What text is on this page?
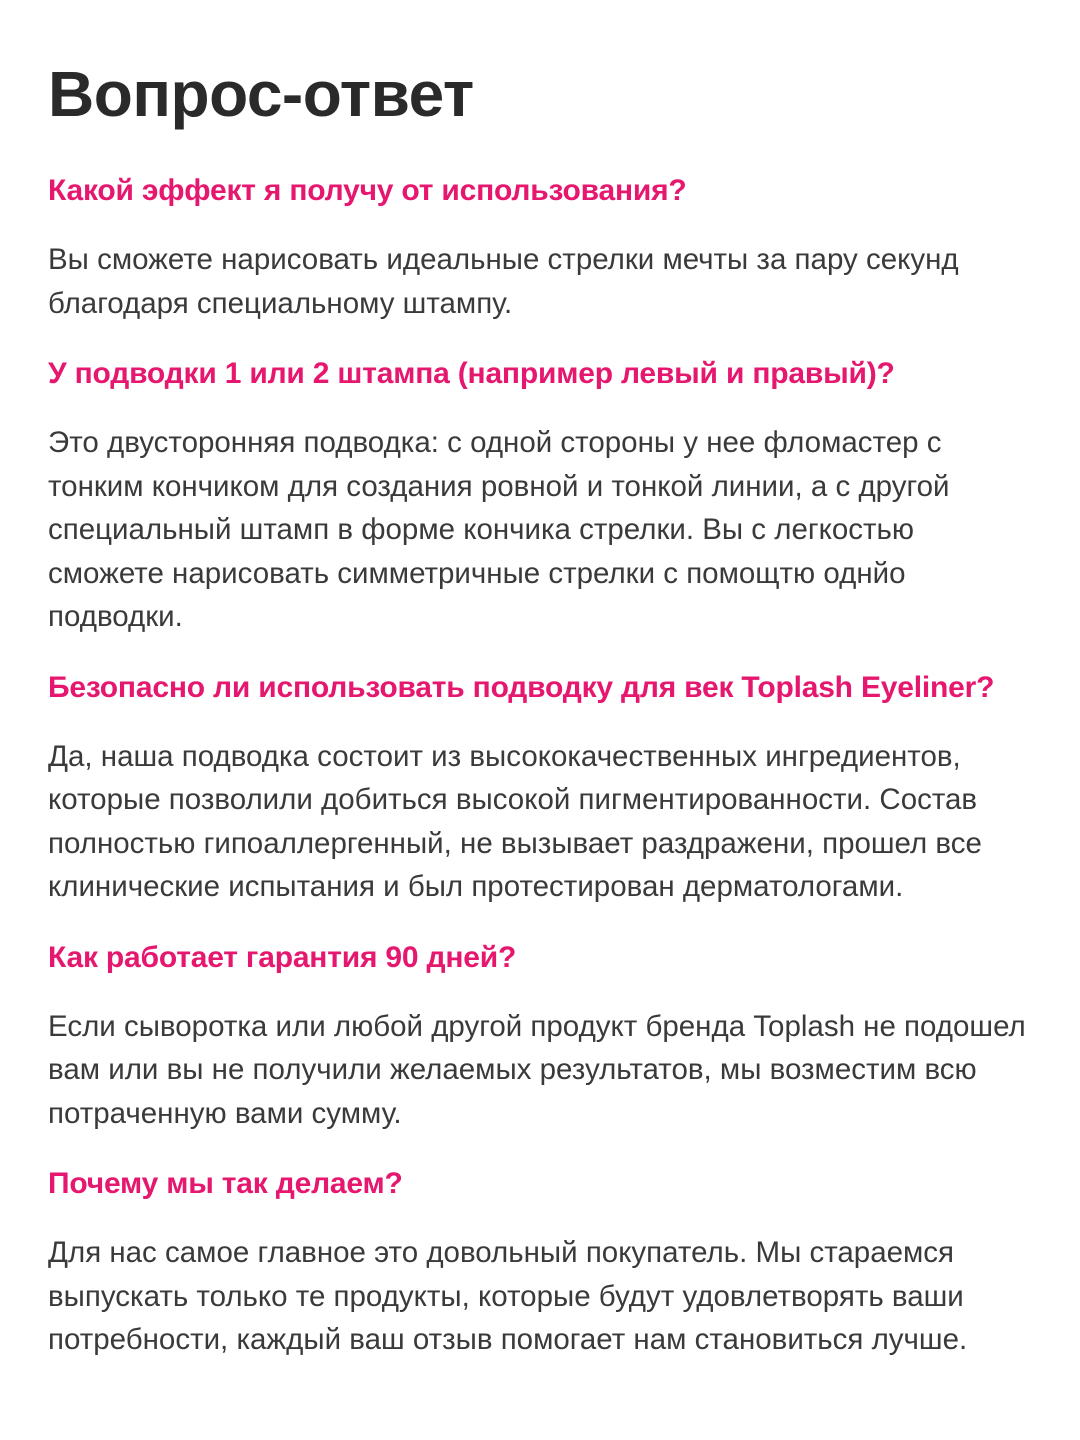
Вопрос-ответ
Какой эффект я получу от использования?

Вы сможете нарисовать идеальные стрелки мечты за пару секунд благодаря специальному штампу.

У подводки 1 или 2 штампа (например левый и правый)?

Это двусторонняя подводка: с одной стороны у нее фломастер с тонким кончиком для создания ровной и тонкой линии, а с другой специальный штамп в форме кончика стрелки. Вы с легкостью сможете нарисовать симметричные стрелки с помощтю однйо подводки.

Безопасно ли использовать подводку для век Toplash Eyeliner?

Да, наша подводка состоит из высококачественных ингредиентов, которые позволили добиться высокой пигментированности. Состав полностью гипоаллергенный, не вызывает раздражени, прошел все клинические испытания и был протестирован дерматологами.

Как работает гарантия 90 дней?

Если сыворотка или любой другой продукт бренда Toplash не подошел вам или вы не получили желаемых результатов, мы возместим всю потраченную вами сумму.

Почему мы так делаем?

Для нас самое главное это довольный покупатель. Мы стараемся выпускать только те продукты, которые будут удовлетворять ваши потребности, каждый ваш отзыв помогает нам становиться лучше.
